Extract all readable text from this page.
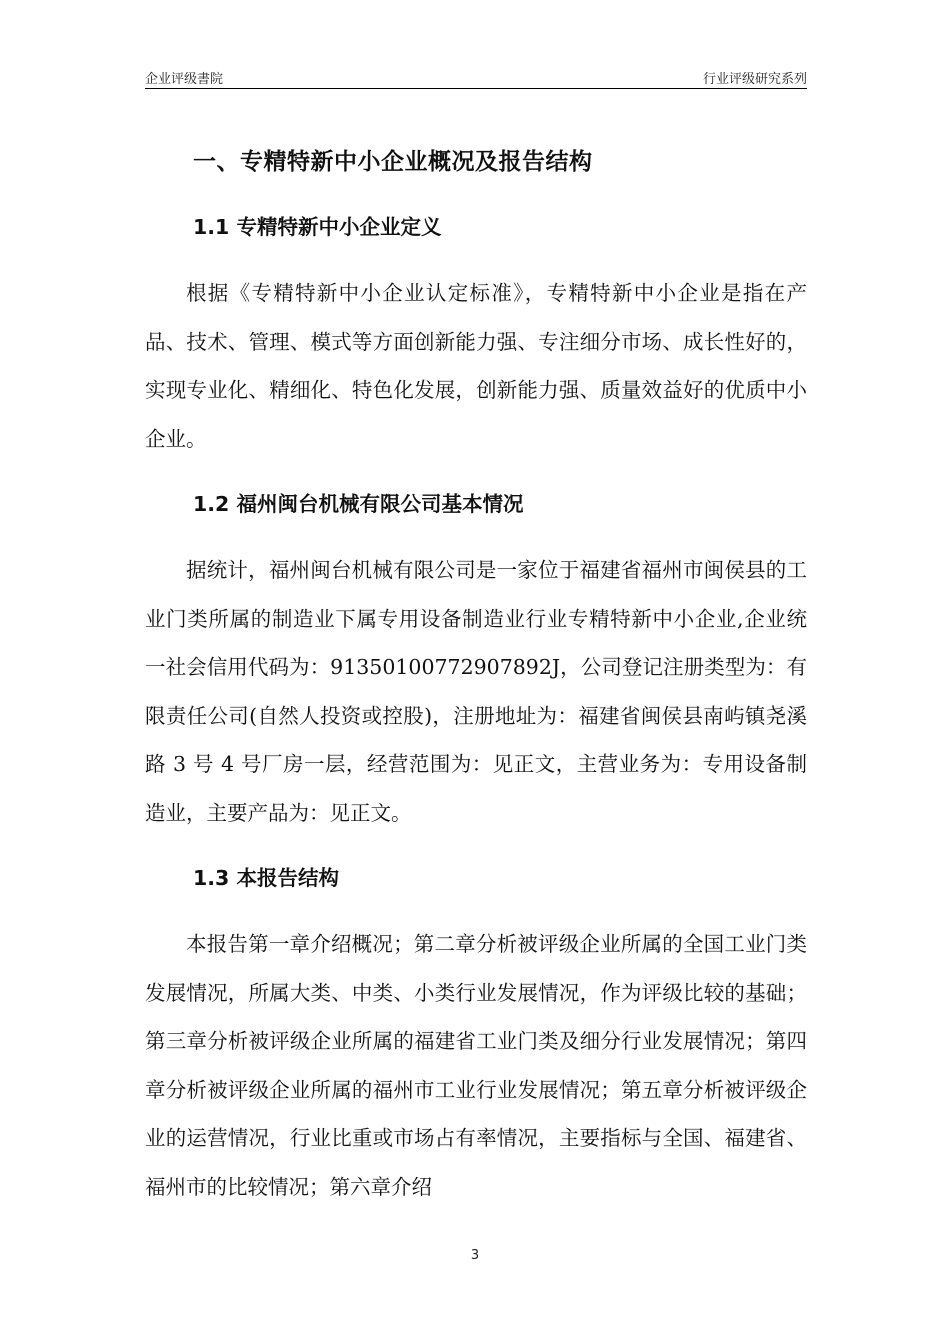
企业评级書院	行业评级研究系列
一、专精特新中小企业概况及报告结构
1.1 专精特新中小企业定义

根据《专精特新中小企业认定标准》，专精特新中小企业是指在产品、技术、管理、模式等方面创新能力强、专注细分市场、成长性好的，实现专业化、精细化、特色化发展，创新能力强、质量效益好的优质中小企业。

1.2 福州闽台机械有限公司基本情况

据统计，福州闽台机械有限公司是一家位于福建省福州市闽侯县的工业门类所属的制造业下属专用设备制造业行业专精特新中小企业,企业统一社会信用代码为：91350100772907892J，公司登记注册类型为：有限责任公司(自然人投资或控股)，注册地址为：福建省闽侯县南屿镇尧溪路 3 号 4 号厂房一层，经营范围为：见正文，主营业务为：专用设备制造业，主要产品为：见正文。

1.3 本报告结构

本报告第一章介绍概况；第二章分析被评级企业所属的全国工业门类发展情况，所属大类、中类、小类行业发展情况，作为评级比较的基础；第三章分析被评级企业所属的福建省工业门类及细分行业发展情况；第四章分析被评级企业所属的福州市工业行业发展情况；第五章分析被评级企业的运营情况，行业比重或市场占有率情况，主要指标与全国、福建省、福州市的比较情况；第六章介绍

3
